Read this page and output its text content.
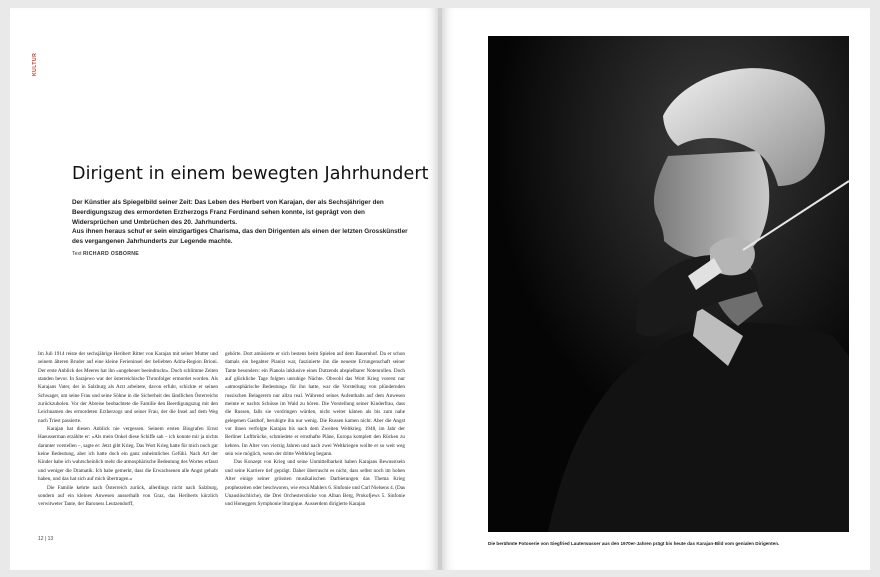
KULTUR
Dirigent in einem bewegten Jahrhundert

Der Künstler als Spiegelbild seiner Zeit: Das Leben des Herbert von Karajan, der als Sechsjähriger den Beerdigungszug des ermordeten Erzherzogs Franz Ferdinand sehen konnte, ist geprägt von den Widersprüchen und Umbrüchen des 20. Jahrhunderts.

Aus ihnen heraus schuf er sein einzigartiges Charisma, das den Dirigenten als einen der letzten Grosskünstler des vergangenen Jahrhunderts zur Legende machte.

Text RICHARD OSBORNE

Im Juli 1914 reiste der sechsjährige Heribert Ritter von Karajan mit seiner Mutter und seinem älteren Bruder auf eine kleine Ferieninsel der beliebten Adria-Region Brioni. Der erste Anblick des Meeres hat ihn «ungeheuer beeindruckt». Doch schlimme Zeiten standen bevor. In Sarajewo war der österreichische Thronfolger ermordet worden. Als Karajans Vater, der in Salzburg als Arzt arbeitete, davon erfuhr, schickte er seinen Schwager, um seine Frau und seine Söhne in die Sicherheit des ländlichen Österreichs zurückzuholen. Vor der Abreise beobachtete die Familie den Beerdigungszug mit den Leichnamen des ermordeten Erzherzogs und seiner Frau, der die Insel auf dem Weg nach Triest passierte.

Karajan hat diesen Anblick nie vergessen. Seinem ersten Biografen Ernst Haeusserman erzählte er: «Als mein Onkel diese Schiffe sah – ich konnte mir ja nichts darunter vorstellen –, sagte er: Jetzt gibt Krieg. Das Wort Krieg hatte für mich noch gar keine Bedeutung, aber ich hatte doch ein ganz unheimliches Gefühl. Nach Art der Kinder habe ich wahrscheinlich mehr die atmosphärische Bedeutung des Wortes erfasst und weniger die Dramatik. Ich habe gemerkt, dass die Erwachsenen alle Angst gehabt haben, und das hat sich auf mich übertragen.»

Die Familie kehrte nach Österreich zurück, allerdings nicht nach Salzburg, sondern auf ein kleines Anwesen ausserhalb von Graz, das Heriberts kürzlich verwitweter Tante, der Baroness Leutzendorff,

gehörte. Dort amüsierte er sich bestens beim Spielen auf dem Bauernhof. Da er schon damals ein begabter Pianist war, faszinierte ihn die neueste Errungenschaft seiner Tante besonders: ein Pianola inklusive eines Dutzends abspielbarer Notenrollen. Doch auf glückliche Tage folgten unruhige Nächte. Obwohl das Wort Krieg vorerst nur «atmosphärische Bedeutung» für ihn hatte, war die Vorstellung von plündernden russischen Belagerern nur allzu real. Während seines Aufenthalts auf dem Anwesen meinte er nachts Schüsse im Wald zu hören. Die Vorstellung seiner Kinderfrau, dass die Russen, falls sie vordringen würden, nicht weiter kämen als bis zum nahe gelegenen Gasthof, beruhigte ihn nur wenig. Die Russen kamen nicht. Aber die Angst vor ihnen verfolgte Karajan bis nach dem Zweiten Weltkrieg. 1948, im Jahr der Berliner Luftbrücke, schmiedete er ernsthafte Pläne, Europa komplett den Rücken zu kehren. Im Alter von vierzig Jahren und nach zwei Weltkriegen wollte er so weit weg sein wie möglich, wenn der dritte Weltkrieg begann.

Das Konzept von Krieg und seine Unmittelbarkeit haben Karajans Bewusstsein und seine Karriere tief geprägt. Daher überrascht es nicht, dass selbst noch im hohen Alter einige seiner grössten musikalischen Darbietungen das Thema Krieg prophezeiten oder beschworen, wie etwa Mahlers 6. Sinfonie und Carl Nielsens 4. (Das Unauslöschliche), die Drei Orchesterstücke von Alban Berg, Prokofjews 5. Sinfonie und Honeggers Symphonie liturgique. Ausserdem dirigierte Karajan

12 | 13
Die berühmte Fotoserie von Siegfried Lauterwasser aus den 1970er-Jahren prägt bis heute das Karajan-Bild vom genialen Dirigenten.
